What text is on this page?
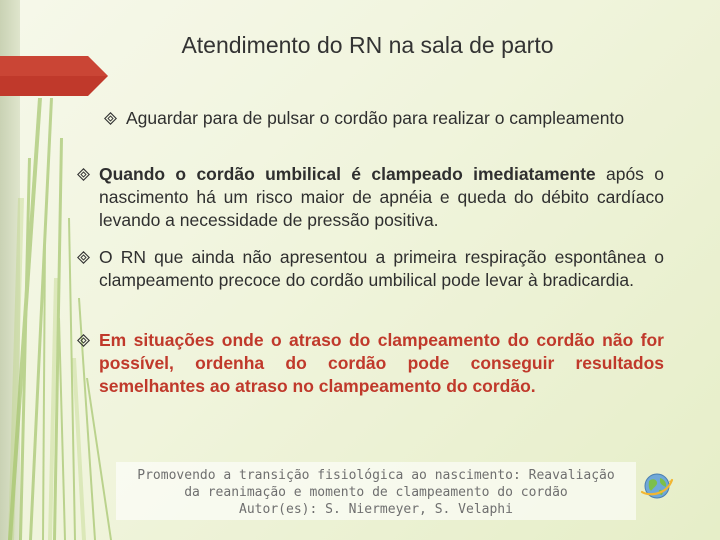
Atendimento do RN na sala de parto
Aguardar para de pulsar o cordão para realizar o campleamento
Quando o cordão umbilical é clampeado imediatamente após o nascimento há um risco maior de apnéia e queda do débito cardíaco levando a necessidade de pressão positiva.
O RN que ainda não apresentou a primeira respiração espontânea o clampeamento precoce do cordão umbilical pode levar à bradicardia.
Em situações onde o atraso do clampeamento do cordão não for possível, ordenha do cordão pode conseguir resultados semelhantes ao atraso no clampeamento do cordão.
Promovendo a transição fisiológica ao nascimento: Reavaliação
da reanimação e momento de clampeamento do cordão
Autor(es): S. Niermeyer, S. Velaphi
